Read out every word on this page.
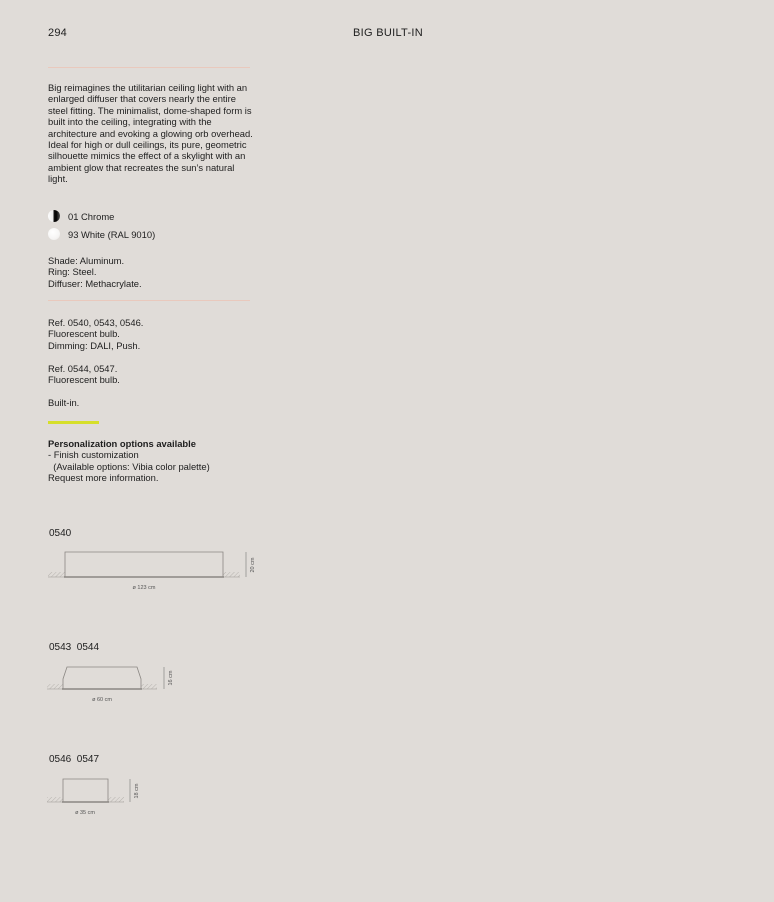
294	BIG BUILT-IN
Big reimagines the utilitarian ceiling light with an enlarged diffuser that covers nearly the entire steel fitting. The minimalist, dome-shaped form is built into the ceiling, integrating with the architecture and evoking a glowing orb overhead. Ideal for high or dull ceilings, its pure, geometric silhouette mimics the effect of a skylight with an ambient glow that recreates the sun’s natural light.
01 Chrome
93 White (RAL 9010)
Shade: Aluminum.
Ring: Steel.
Diffuser: Methacrylate.
Ref. 0540, 0543, 0546.
Fluorescent bulb.
Dimming: DALI, Push.
Ref. 0544, 0547.
Fluorescent bulb.
Built-in.
Personalization options available
- Finish customization
(Available options: Vibia color palette)
Request more information.
0540
0543  0544
0546  0547
ø 123 cm
20 cm
ø 60 cm
16 cm
ø 35 cm
18 cm
